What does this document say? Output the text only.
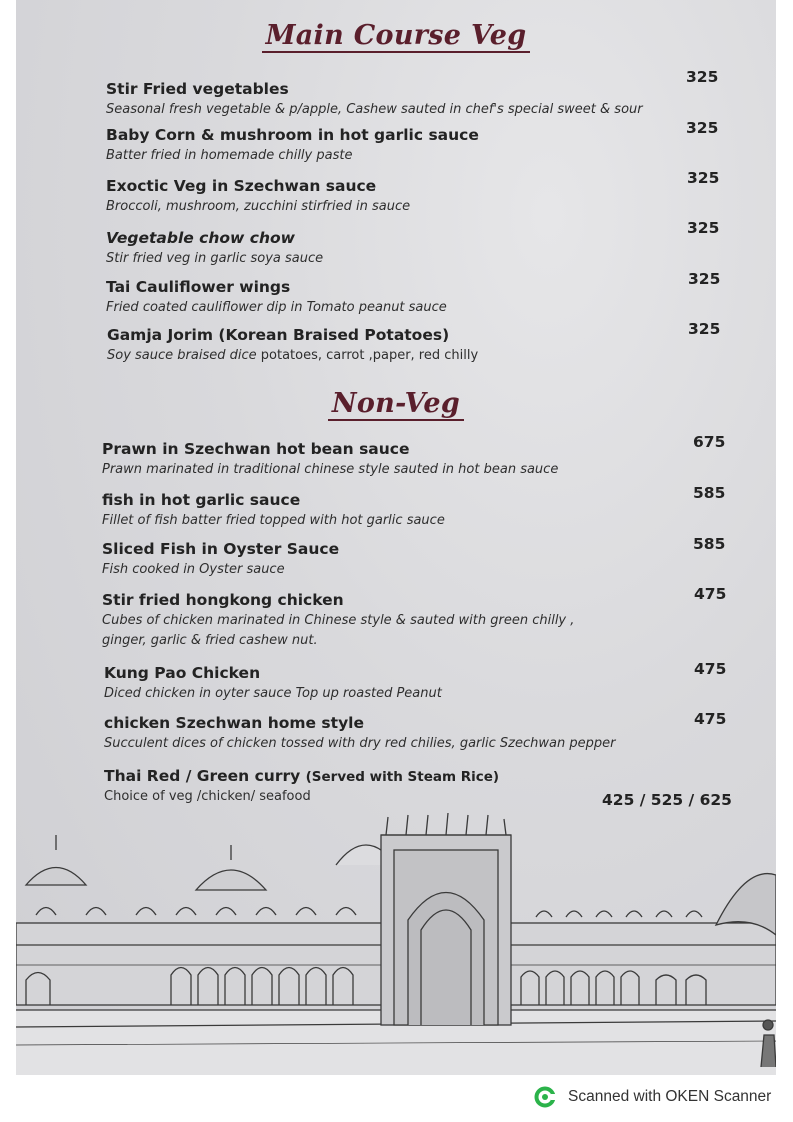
Main Course Veg
Stir Fried vegetables
Seasonal fresh vegetable & p/apple, Cashew sauted in chef's special sweet & sour
325
Baby Corn & mushroom in hot garlic sauce
Batter fried in homemade chilly paste
325
Exoctic Veg in Szechwan sauce
Broccoli, mushroom, zucchini stirfried in sauce
325
Vegetable chow chow
Stir fried veg in garlic soya sauce
325
Tai Cauliflower wings
Fried coated cauliflower dip in Tomato peanut sauce
325
Gamja Jorim (Korean Braised Potatoes)
Soy sauce braised dice potatoes, carrot ,paper, red chilly
325
Non-Veg
Prawn in Szechwan hot bean sauce
Prawn marinated in traditional chinese style sauted in hot bean sauce
675
fish in hot garlic sauce
Fillet of fish batter fried topped with hot garlic sauce
585
Sliced Fish in Oyster Sauce
Fish cooked in Oyster sauce
585
Stir fried hongkong chicken
Cubes of chicken marinated in Chinese style & sauted with green chilly ,
ginger, garlic & fried cashew nut.
475
Kung Pao Chicken
Diced chicken in oyter sauce Top up roasted Peanut
475
chicken Szechwan home style
Succulent dices of chicken tossed with dry red chilies, garlic Szechwan pepper
475
Thai Red / Green curry (Served with Steam Rice)
Choice of veg /chicken/ seafood	425 / 525 / 625
Scanned with OKEN Scanner
